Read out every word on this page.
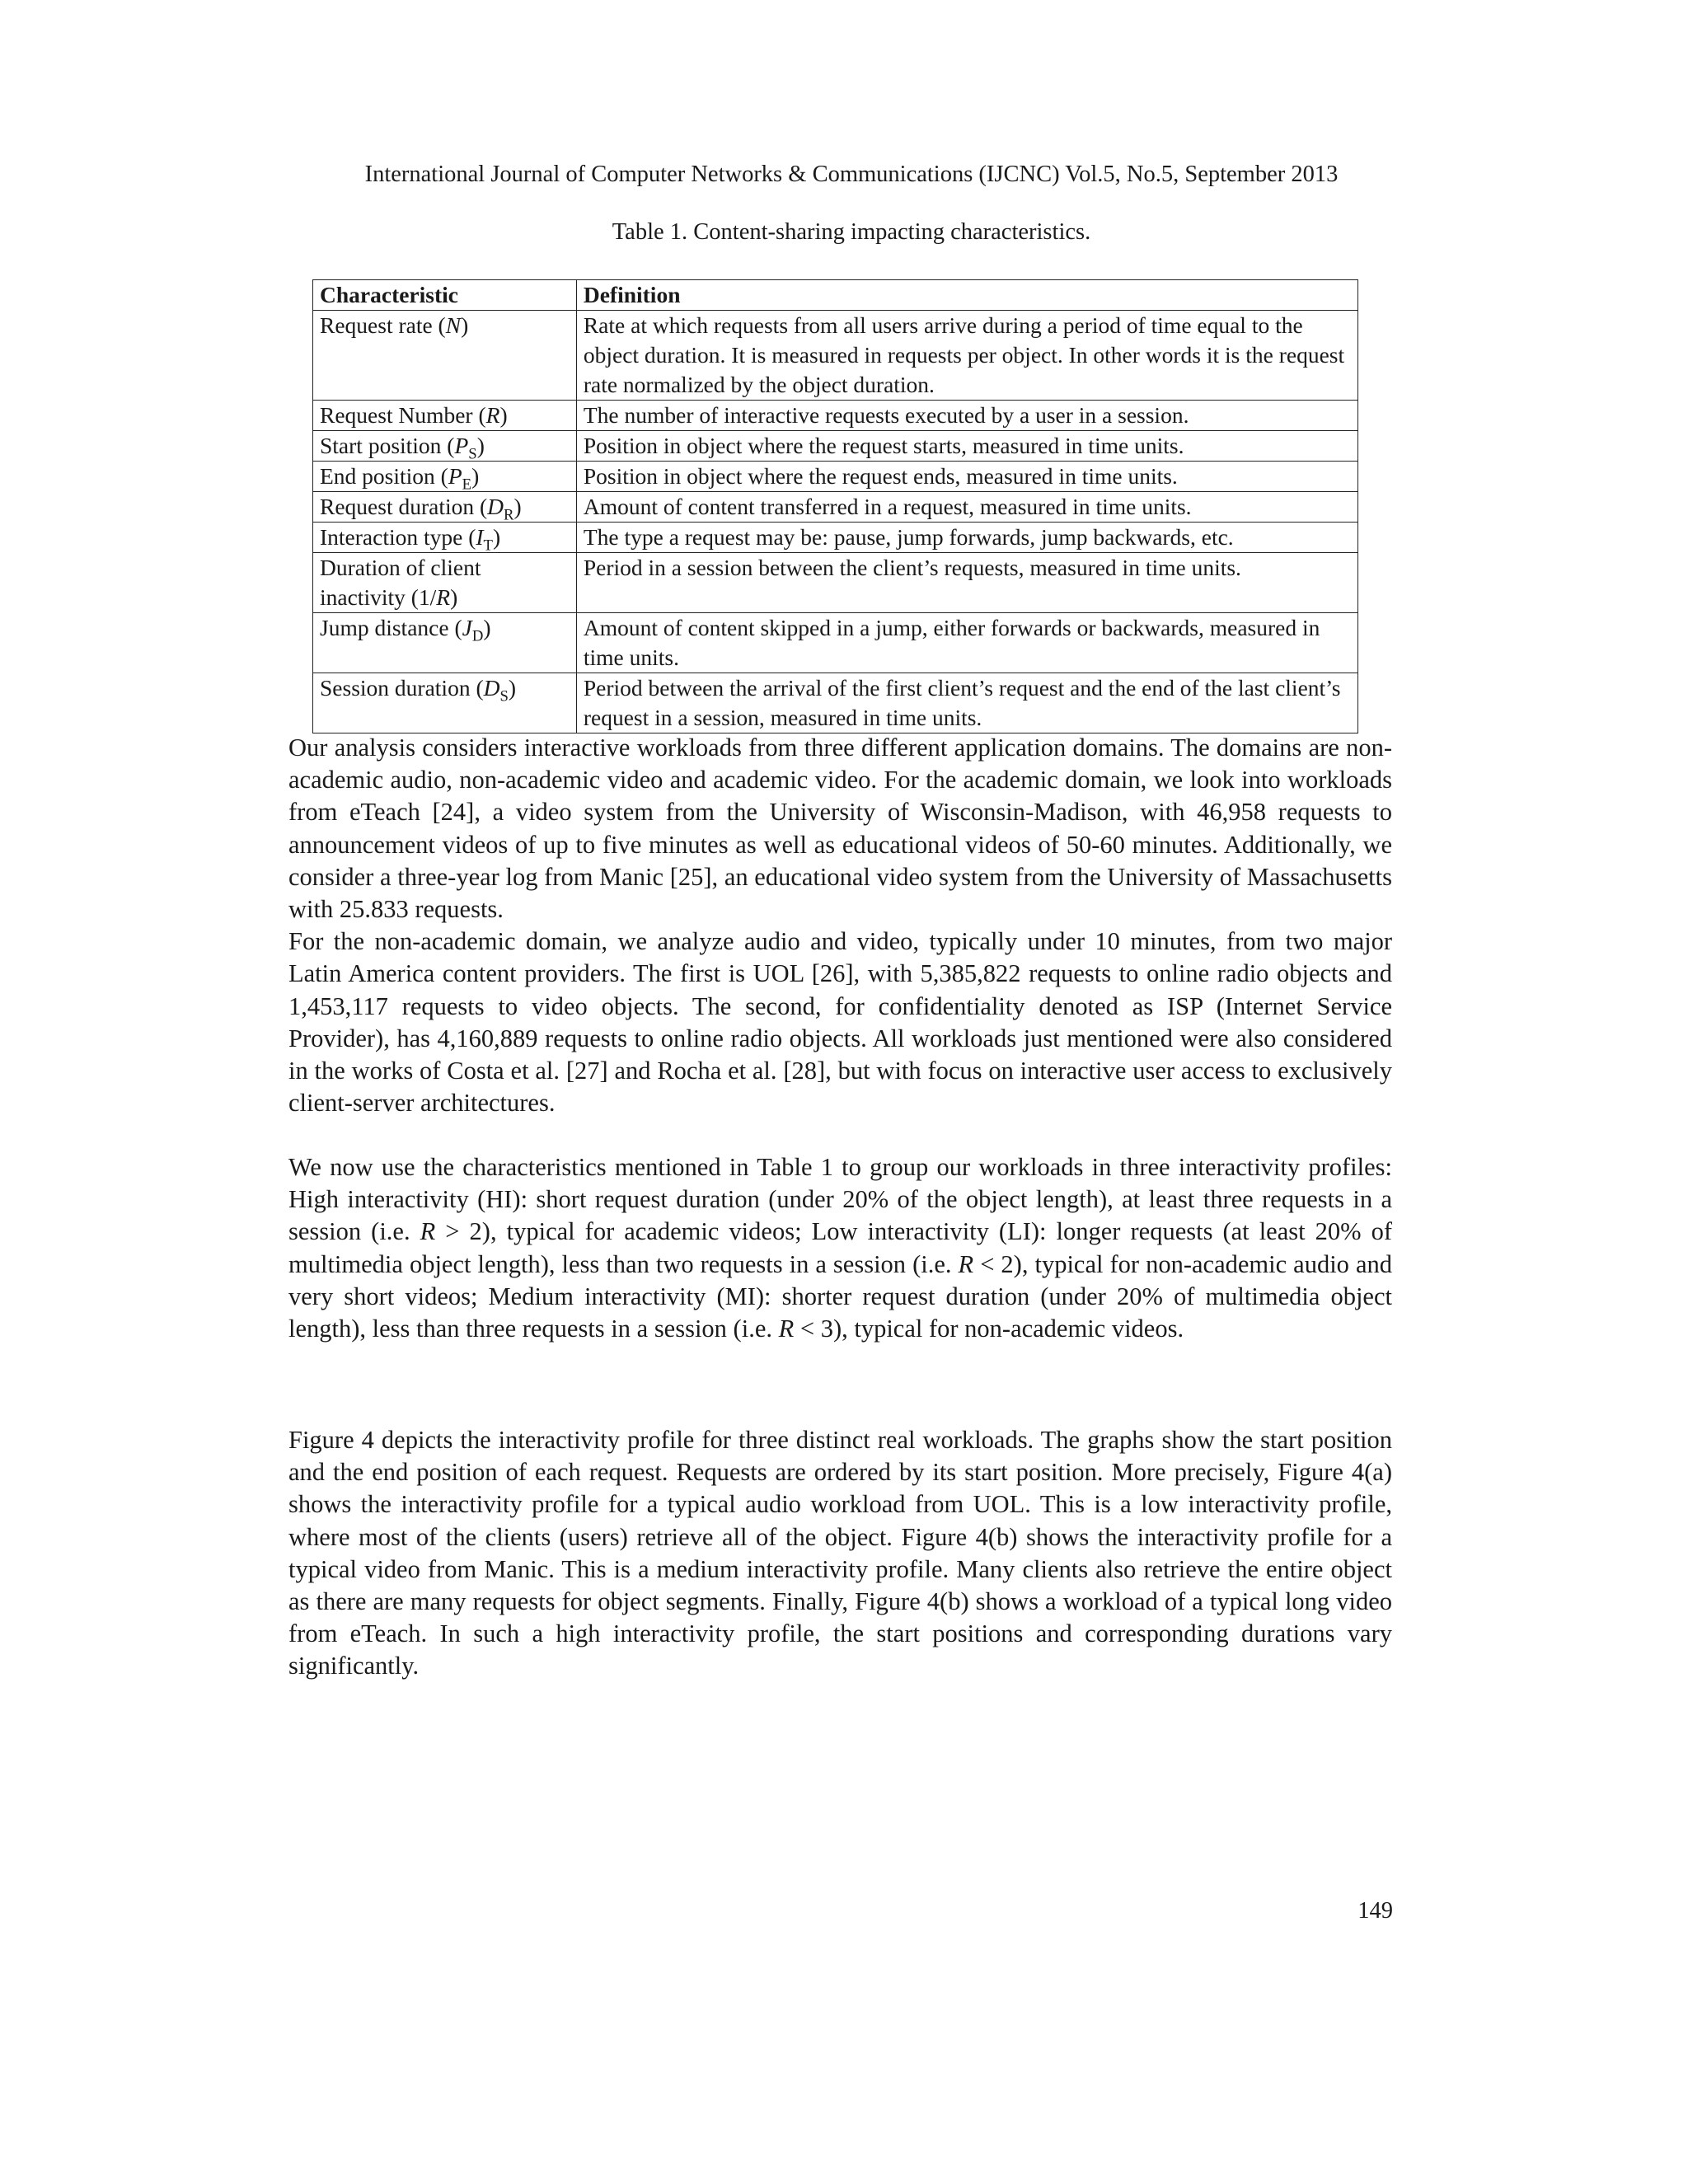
International Journal of Computer Networks & Communications (IJCNC) Vol.5, No.5, September 2013
Table 1. Content-sharing impacting characteristics.
Characteristic	Definition
Request rate (N)	Rate at which requests from all users arrive during a period of time equal to the object duration. It is measured in requests per object. In other words it is the request rate normalized by the object duration.
Request Number (R)	The number of interactive requests executed by a user in a session.
Start position $(P_S)$	Position in object where the request starts, measured in time units.
End position $(P_E)$	Position in object where the request ends, measured in time units.
Request duration $(D_R)$	Amount of content transferred in a request, measured in time units.
Interaction type $(I_T)$	The type a request may be: pause, jump forwards, jump backwards, etc.
Duration of client inactivity (1/R)	Period in a session between the client’s requests, measured in time units.
Jump distance $(J_D)$	Amount of content skipped in a jump, either forwards or backwards, measured in time units.
Session duration $(D_S)$	Period between the arrival of the first client’s request and the end of the last client’s request in a session, measured in time units.

Our analysis considers interactive workloads from three different application domains. The domains are non-academic audio, non-academic video and academic video. For the academic domain, we look into workloads from eTeach [24], a video system from the University of Wisconsin-Madison, with 46,958 requests to announcement videos of up to five minutes as well as educational videos of 50-60 minutes. Additionally, we consider a three-year log from Manic [25], an educational video system from the University of Massachusetts with 25.833 requests.

For the non-academic domain, we analyze audio and video, typically under 10 minutes, from two major Latin America content providers. The first is UOL [26], with 5,385,822 requests to online radio objects and 1,453,117 requests to video objects. The second, for confidentiality denoted as ISP (Internet Service Provider), has 4,160,889 requests to online radio objects. All workloads just mentioned were also considered in the works of Costa et al. [27] and Rocha et al. [28], but with focus on interactive user access to exclusively client-server architectures.

We now use the characteristics mentioned in Table 1 to group our workloads in three interactivity profiles: High interactivity (HI): short request duration (under 20% of the object length), at least three requests in a session (i.e. R > 2), typical for academic videos; Low interactivity (LI): longer requests (at least 20% of multimedia object length), less than two requests in a session (i.e. R < 2), typical for non-academic audio and very short videos; Medium interactivity (MI): shorter request duration (under 20% of multimedia object length), less than three requests in a session (i.e. R < 3), typical for non-academic videos.

Figure 4 depicts the interactivity profile for three distinct real workloads. The graphs show the start position and the end position of each request. Requests are ordered by its start position. More precisely, Figure 4(a) shows the interactivity profile for a typical audio workload from UOL. This is a low interactivity profile, where most of the clients (users) retrieve all of the object. Figure 4(b) shows the interactivity profile for a typical video from Manic. This is a medium interactivity profile. Many clients also retrieve the entire object as there are many requests for object segments. Finally, Figure 4(b) shows a workload of a typical long video from eTeach. In such a high interactivity profile, the start positions and corresponding durations vary significantly.

149
